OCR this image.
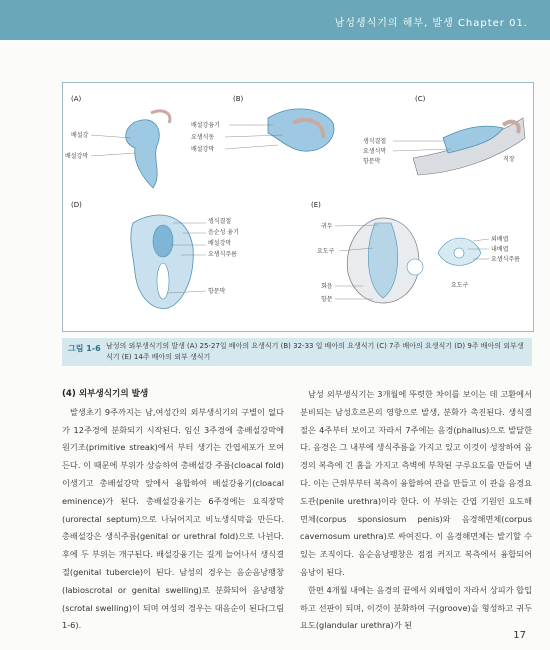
남성생식기의 해부, 발생 Chapter 01.
(A)
배설강
배설강막
(B)
배설강융기
요생식동
배설강막
(C)
생식결절
요생식막
항문막	직장
(D)
생식결절
음순성 융기
배설강막
요생식주름
항문막
(E)
귀두
요도구
회음
항문
외배엽
내배엽
요생식주름
요도구
그림 1-6 남성의 외부생식기의 발생 (A) 25-27일 배아의 요생식기 (B) 32-33 일 배아의 요생식기 (C) 7주 배아의 요생식기 (D) 9주 배아의 외부생식기 (E) 14주 배아의 외부 생식기
(4) 외부생식기의 발생
발생초기 9주까지는 남,여성간의 외부생식기의 구별이 없다가 12주경에 분화되기 시작된다. 임신 3주경에 총배설강막에 원기조(primitive streak)에서 부터 생기는 간엽세포가 모여든다. 이 때문에 부위가 상승하여 총배설강 주름(cloacal fold)이생기고 총배설강막 앞에서 융합하여 배설강융기(cloacal eminence)가 된다. 총배설강융기는 6주경에는 요직장막(urorectal septum)으로 나뉘어지고 비뇨생식막을 만든다. 총배설강은 생식주름(genital or urethral fold)으로 나뉜다. 후에 두 부위는 개구된다. 배설강융기는 길게 늘어나서 생식결절(genital tubercle)이 된다. 남성의 경우는 음순음낭팽창(labioscrotal or genital swelling)로 분화되어 음낭팽창(scrotal swelling)이 되며 여성의 경우는 대음순이 된다(그림 1-6).
남성 외부생식기는 3개월에 뚜렷한 차이를 보이는 데 고환에서 분비되는 남성호르몬의 영향으로 발생, 분화가 촉진된다. 생식결절은 4주부터 보이고 자라서 7주에는 음경(phallus)으로 발달한다. 음경은 그 내부에 생식주름을 가지고 있고 이것이 성장하여 음경의 복측에 긴 홈을 가지고 측벽에 부착된 구루요도를 만들어 낸다. 이는 근위부부터 복측이 융합하여 관을 만들고 이 관을 음경요도관(penile urethra)이라 한다. 이 부위는 간엽 기원인 요도해면체(corpus sponsiosum penis)와 음경해면체(corpus cavernosum urethra)로 싸여진다. 이 음경해면체는 발기할 수 있는 조직이다. 음순음낭팽창은 점점 커지고 복측에서 융합되어 음낭이 된다.
한편 4개월 내에는 음경의 끝에서 외배엽이 자라서 상피가 합입하고 선판이 되며, 이것이 분화하여 구(groove)을 형성하고 귀두요도(glandular urethra)가 된
17
